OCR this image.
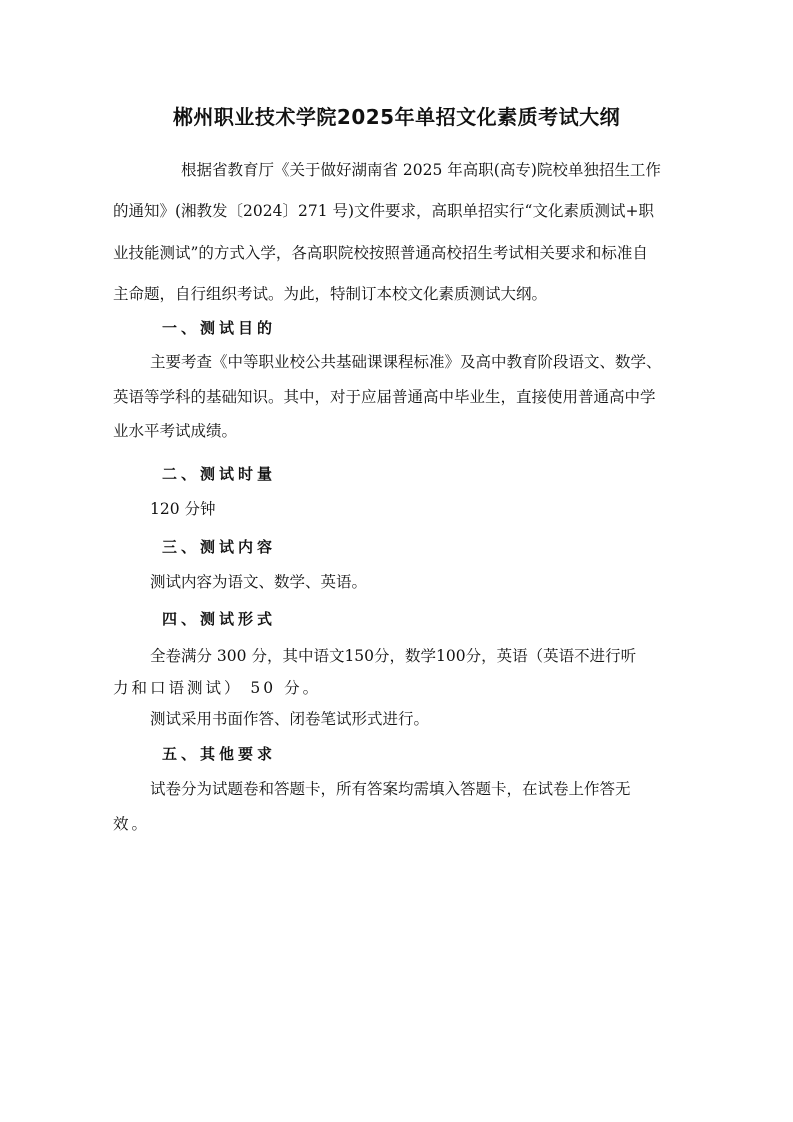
郴州职业技术学院2025年单招文化素质考试大纲
根据省教育厅《关于做好湖南省 2025 年高职(高专)院校单独招生工作
的通知》(湘教发〔2024〕271 号)文件要求，高职单招实行“文化素质测试+职
业技能测试”的方式入学，各高职院校按照普通高校招生考试相关要求和标准自
主命题，自行组织考试。为此，特制订本校文化素质测试大纲。
一、测试目的
主要考查《中等职业校公共基础课课程标准》及高中教育阶段语文、数学、
英语等学科的基础知识。其中，对于应届普通高中毕业生，直接使用普通高中学
业水平考试成绩。
二、测试时量
120 分钟
三、测试内容
测试内容为语文、数学、英语。
四、测试形式
全卷满分 300 分，其中语文150分，数学100分，英语（英语不进行听
力和口语测试） 50 分。
测试采用书面作答、闭卷笔试形式进行。
五、其他要求
试卷分为试题卷和答题卡，所有答案均需填入答题卡，在试卷上作答无
效。
